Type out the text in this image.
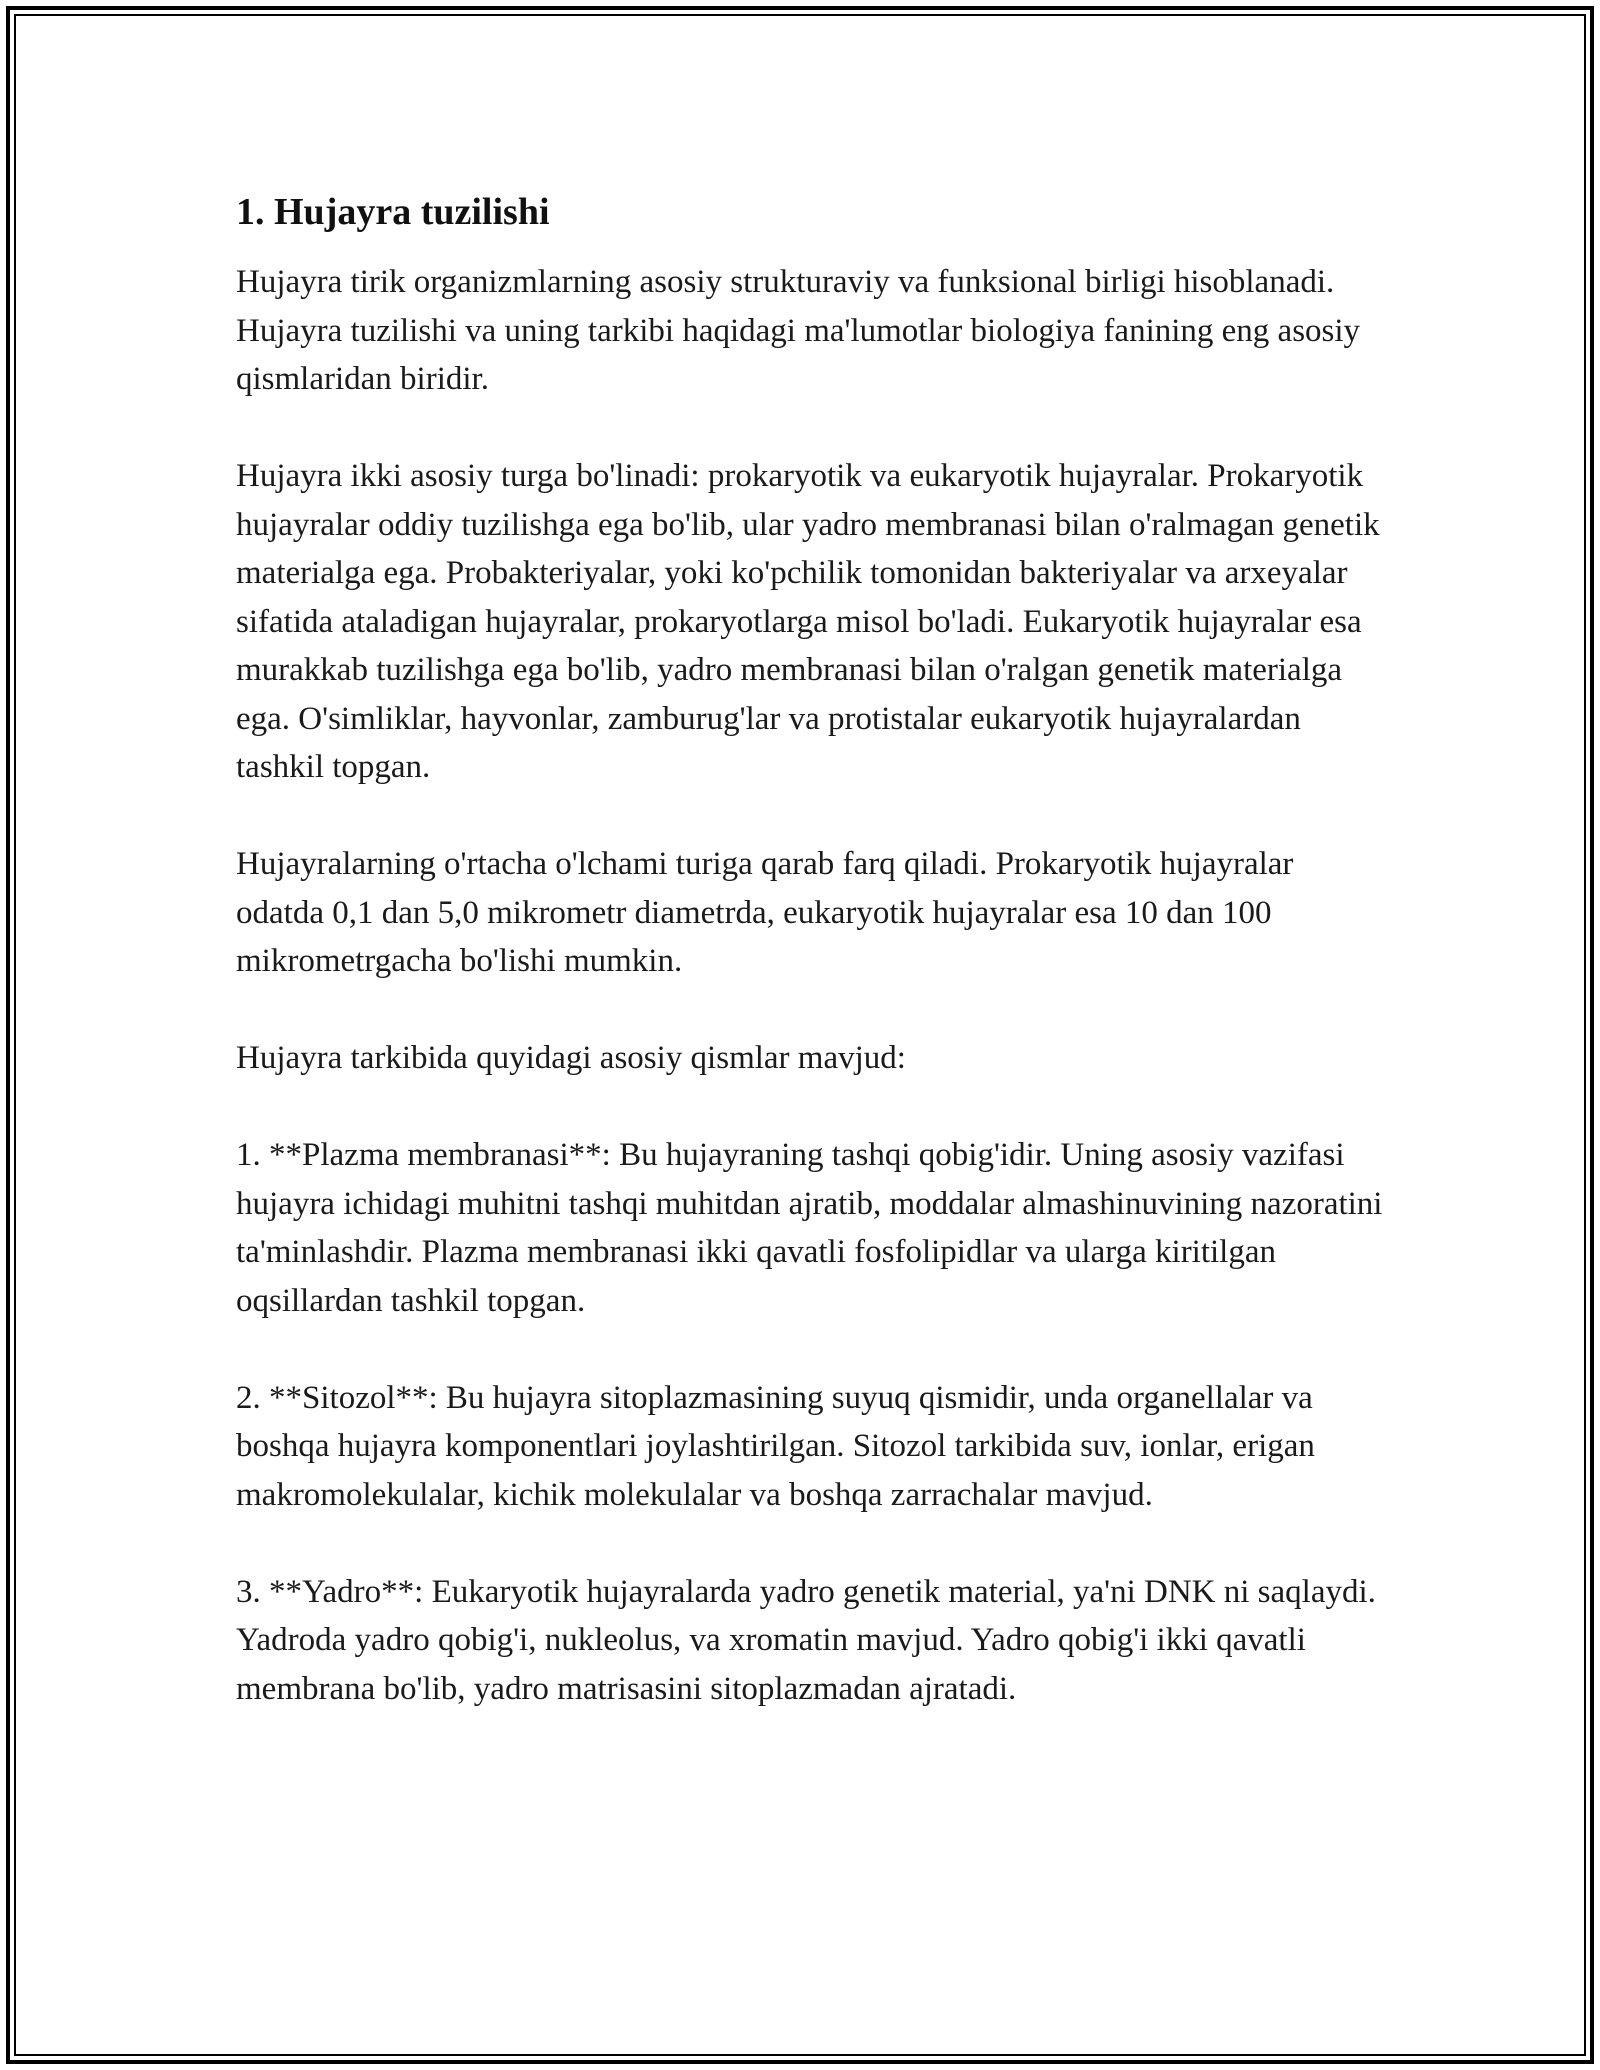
1. Hujayra tuzilishi

Hujayra tirik organizmlarning asosiy strukturaviy va funksional birligi hisoblanadi. Hujayra tuzilishi va uning tarkibi haqidagi ma'lumotlar biologiya fanining eng asosiy qismlaridan biridir.

Hujayra ikki asosiy turga bo'linadi: prokaryotik va eukaryotik hujayralar. Prokaryotik hujayralar oddiy tuzilishga ega bo'lib, ular yadro membranasi bilan o'ralmagan genetik materialga ega. Probakteriyalar, yoki ko'pchilik tomonidan bakteriyalar va arxeyalar sifatida ataladigan hujayralar, prokaryotlarga misol bo'ladi. Eukaryotik hujayralar esa murakkab tuzilishga ega bo'lib, yadro membranasi bilan o'ralgan genetik materialga ega. O'simliklar, hayvonlar, zamburug'lar va protistalar eukaryotik hujayralardan tashkil topgan.

Hujayralarning o'rtacha o'lchami turiga qarab farq qiladi. Prokaryotik hujayralar odatda 0,1 dan 5,0 mikrometr diametrda, eukaryotik hujayralar esa 10 dan 100 mikrometrgacha bo'lishi mumkin.

Hujayra tarkibida quyidagi asosiy qismlar mavjud:

1. **Plazma membranasi**: Bu hujayraning tashqi qobig'idir. Uning asosiy vazifasi hujayra ichidagi muhitni tashqi muhitdan ajratib, moddalar almashinuvining nazoratini ta'minlashdir. Plazma membranasi ikki qavatli fosfolipidlar va ularga kiritilgan oqsillardan tashkil topgan.

2. **Sitozol**: Bu hujayra sitoplazmasining suyuq qismidir, unda organellalar va boshqa hujayra komponentlari joylashtirilgan. Sitozol tarkibida suv, ionlar, erigan makromolekulalar, kichik molekulalar va boshqa zarrachalar mavjud.

3. **Yadro**: Eukaryotik hujayralarda yadro genetik material, ya'ni DNK ni saqlaydi. Yadroda yadro qobig'i, nukleolus, va xromatin mavjud. Yadro qobig'i ikki qavatli membrana bo'lib, yadro matrisasini sitoplazmadan ajratadi.
